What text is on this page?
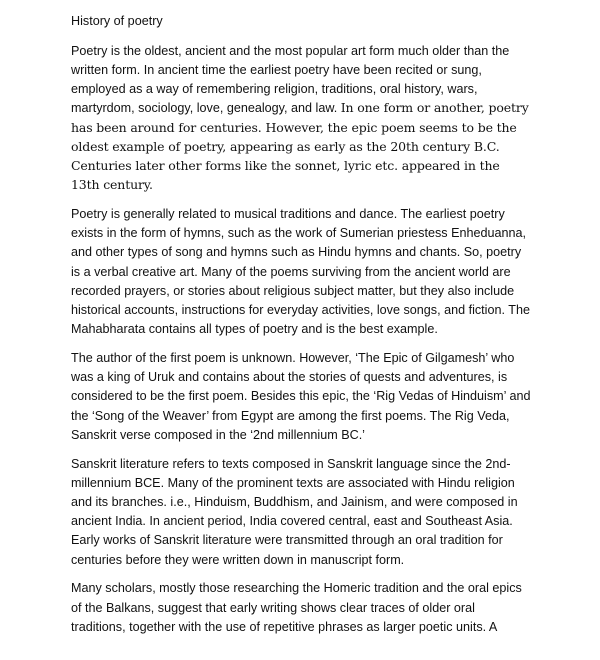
History of poetry
Poetry is the oldest, ancient and the most popular art form much older than the written form. In ancient time the earliest poetry have been recited or sung, employed as a way of remembering religion, traditions, oral history, wars, martyrdom, sociology, love, genealogy, and law. In one form or another, poetry has been around for centuries. However, the epic poem seems to be the oldest example of poetry, appearing as early as the 20th century B.C. Centuries later other forms like the sonnet, lyric etc. appeared in the 13th century.

Poetry is generally related to musical traditions and dance. The earliest poetry exists in the form of hymns, such as the work of Sumerian priestess Enheduanna, and other types of song and hymns such as Hindu hymns and chants. So, poetry is a verbal creative art. Many of the poems surviving from the ancient world are recorded prayers, or stories about religious subject matter, but they also include historical accounts, instructions for everyday activities, love songs, and fiction. The Mahabharata contains all types of poetry and is the best example.

The author of the first poem is unknown. However, ‘The Epic of Gilgamesh’ who was a king of Uruk and contains about the stories of quests and adventures, is considered to be the first poem. Besides this epic, the ‘Rig Vedas of Hinduism’ and the ‘Song of the Weaver’ from Egypt are among the first poems. The Rig Veda, Sanskrit verse composed in the ‘2nd millennium BC.’

Sanskrit literature refers to texts composed in Sanskrit language since the 2nd-millennium BCE. Many of the prominent texts are associated with Hindu religion and its branches. i.e., Hinduism, Buddhism, and Jainism, and were composed in ancient India. In ancient period, India covered central, east and Southeast Asia. Early works of Sanskrit literature were transmitted through an oral tradition for centuries before they were written down in manuscript form.

Many scholars, mostly those researching the Homeric tradition and the oral epics of the Balkans, suggest that early writing shows clear traces of older oral traditions, together with the use of repetitive phrases as larger poetic units. A
